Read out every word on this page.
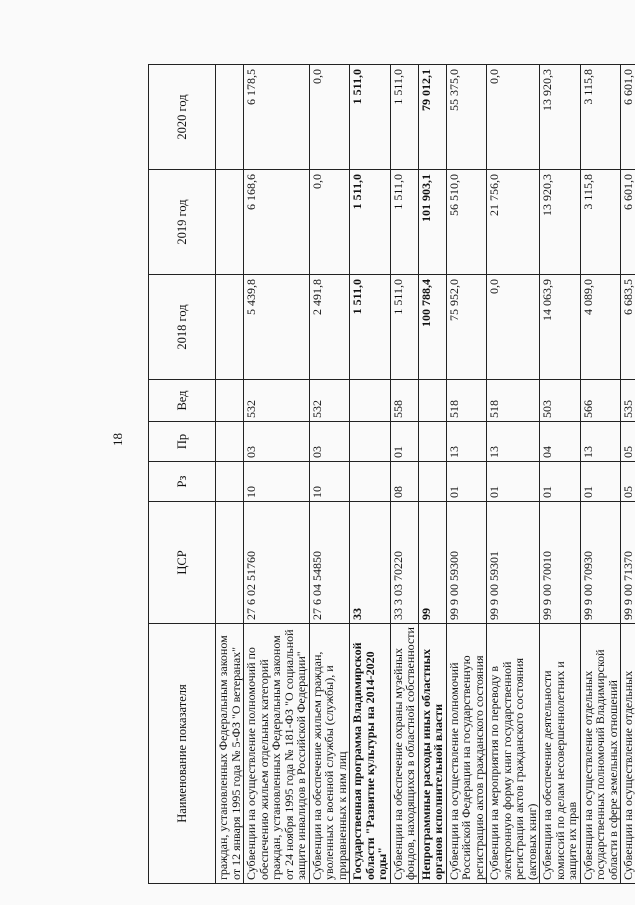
18
Наименование показателя	ЦСР	Рз	Пр	Вед	2018 год	2019 год	2020 год
граждан, установленных Федеральным законом от 12 января 1995 года № 5-ФЗ "О ветеранах"							
Субвенции на осуществление полномочий по обеспечению жильем отдельных категорий граждан, установленных Федеральным законом от 24 ноября 1995 года № 181-ФЗ "О социальной защите инвалидов в Российской Федерации"	27 6 02 51760	10	03	532	5 439,8	6 168,6	6 178,5
Субвенции на обеспечение жильем граждан, уволенных с военной службы (службы), и приравненных к ним лиц	27 6 04 54850	10	03	532	2 491,8	0,0	0,0
Государственная программа Владимирской области "Развитие культуры на 2014-2020 годы"	33				1 511,0	1 511,0	1 511,0
Субвенции на обеспечение охраны музейных фондов, находящихся в областной собственности	33 3 03 70220	08	01	558	1 511,0	1 511,0	1 511,0
Непрограммные расходы иных областных органов исполнительной власти	99				100 788,4	101 903,1	79 012,1
Субвенции на осуществление полномочий Российской Федерации на государственную регистрацию актов гражданского состояния	99 9 00 59300	01	13	518	75 952,0	56 510,0	55 375,0
Субвенции на мероприятия по переводу в электронную форму книг государственной регистрации актов гражданского состояния (актовых книг)	99 9 00 59301	01	13	518	0,0	21 756,0	0,0
Субвенции на обеспечение деятельности комиссий по делам несовершеннолетних и защите их прав	99 9 00 70010	01	04	503	14 063,9	13 920,3	13 920,3
Субвенции на осуществление отдельных государственных полномочий Владимирской области в сфере земельных отношений	99 9 00 70930	01	13	566	4 089,0	3 115,8	3 115,8
Субвенции на осуществление отдельных	99 9 00 71370	05	05	535	6 683,5	6 601,0	6 601,0
